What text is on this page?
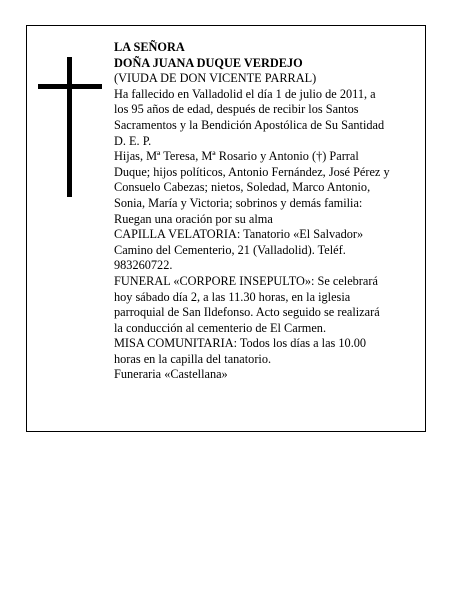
LA SEÑORA
DOÑA JUANA DUQUE VERDEJO
(VIUDA DE DON VICENTE PARRAL)
Ha fallecido en Valladolid el día 1 de julio de 2011, a
los 95 años de edad, después de recibir los Santos
Sacramentos y la Bendición Apostólica de Su Santidad
D. E. P.
Hijas, Mª Teresa, Mª Rosario y Antonio (†) Parral
Duque; hijos políticos, Antonio Fernández, José Pérez y
Consuelo Cabezas; nietos, Soledad, Marco Antonio,
Sonia, María y Victoria; sobrinos y demás familia:
Ruegan una oración por su alma
CAPILLA VELATORIA: Tanatorio «El Salvador»
Camino del Cementerio, 21 (Valladolid). Teléf.
983260722.
FUNERAL «CORPORE INSEPULTO»: Se celebrará
hoy sábado día 2, a las 11.30 horas, en la iglesia
parroquial de San Ildefonso. Acto seguido se realizará
la conducción al cementerio de El Carmen.
MISA COMUNITARIA: Todos los días a las 10.00
horas en la capilla del tanatorio.
Funeraria «Castellana»
